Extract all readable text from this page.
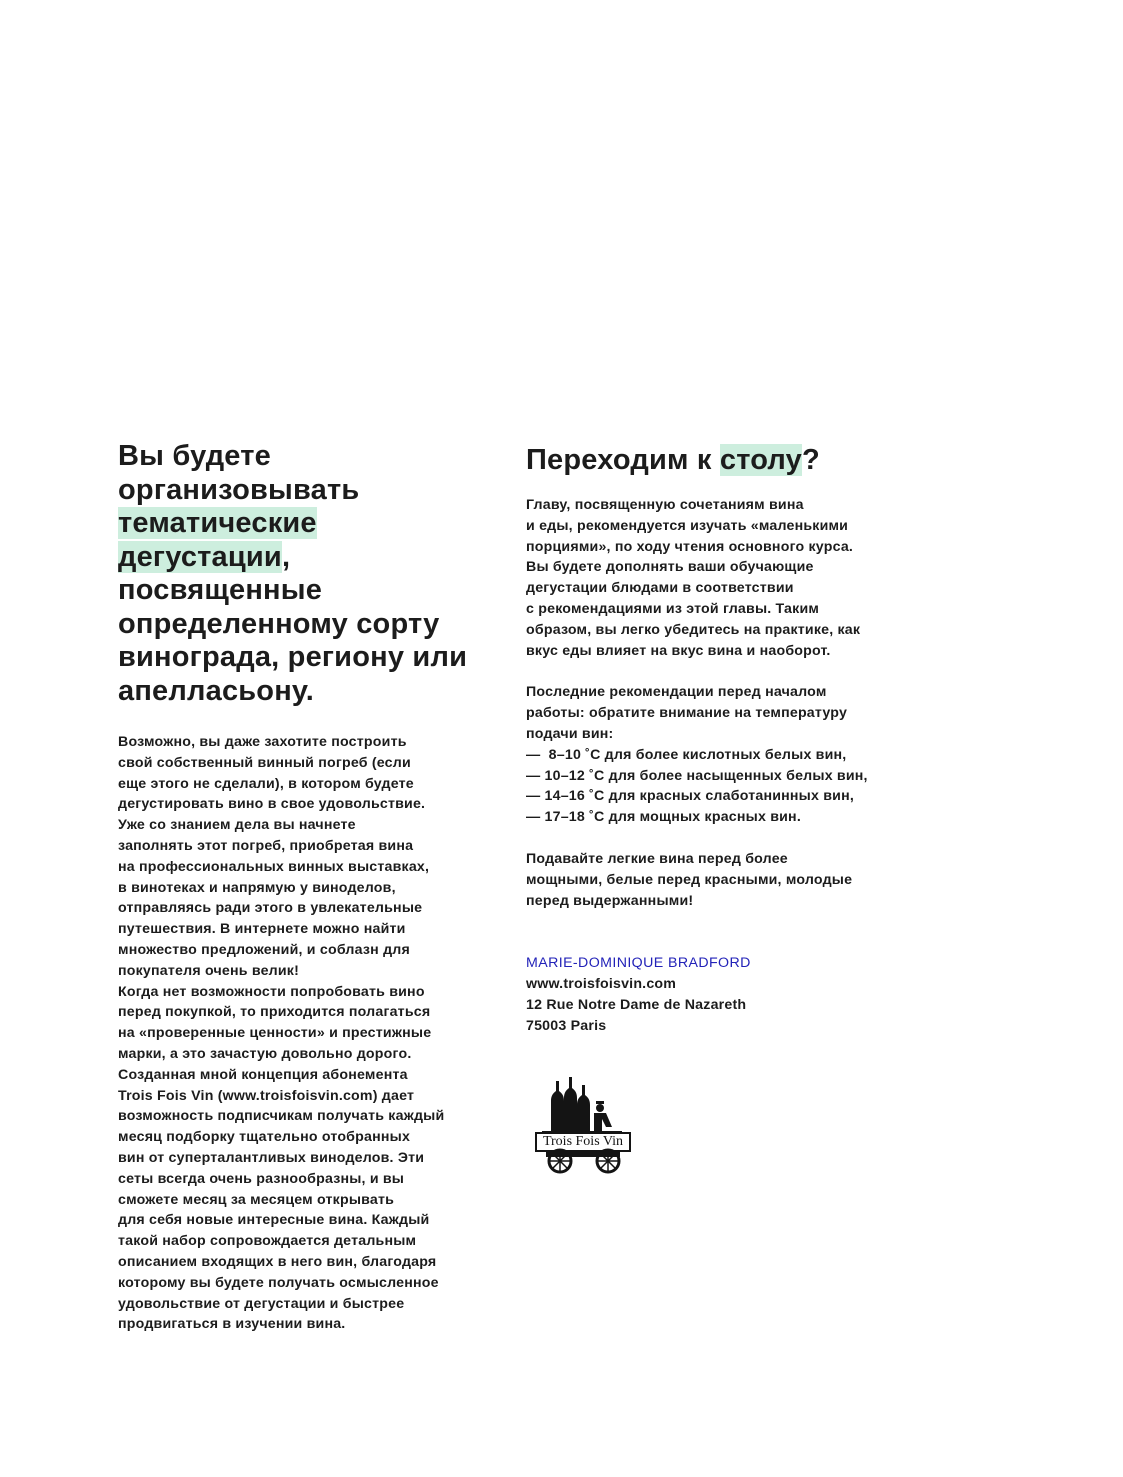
Вы будете
организовывать
тематические
дегустации,
посвященные
определенному сорту
винограда, региону или
апелласьону.
Возможно, вы даже захотите построить
свой собственный винный погреб (если
еще этого не сделали), в котором будете
дегустировать вино в свое удовольствие.
Уже со знанием дела вы начнете
заполнять этот погреб, приобретая вина
на профессиональных винных выставках,
в винотеках и напрямую у виноделов,
отправляясь ради этого в увлекательные
путешествия. В интернете можно найти
множество предложений, и соблазн для
покупателя очень велик!
Когда нет возможности попробовать вино
перед покупкой, то приходится полагаться
на «проверенные ценности» и престижные
марки, а это зачастую довольно дорого.
Созданная мной концепция абонемента
Trois Fois Vin (www.troisfoisvin.com) дает
возможность подписчикам получать каждый
месяц подборку тщательно отобранных
вин от суперталантливых виноделов. Эти
сеты всегда очень разнообразны, и вы
сможете месяц за месяцем открывать
для себя новые интересные вина. Каждый
такой набор сопровождается детальным
описанием входящих в него вин, благодаря
которому вы будете получать осмысленное
удовольствие от дегустации и быстрее
продвигаться в изучении вина.
Переходим к столу?
Главу, посвященную сочетаниям вина
и еды, рекомендуется изучать «маленькими
порциями», по ходу чтения основного курса.
Вы будете дополнять ваши обучающие
дегустации блюдами в соответствии
с рекомендациями из этой главы. Таким
образом, вы легко убедитесь на практике, как
вкус еды влияет на вкус вина и наоборот.
Последние рекомендации перед началом
работы: обратите внимание на температуру
подачи вин:
—  8–10 ˚С для более кислотных белых вин,
— 10–12 ˚С для более насыщенных белых вин,
— 14–16 ˚С для красных слаботанинных вин,
— 17–18 ˚С для мощных красных вин.
Подавайте легкие вина перед более
мощными, белые перед красными, молодые
перед выдержанными!
MARIE-DOMINIQUE BRADFORD
www.troisfoisvin.com
12 Rue Notre Dame de Nazareth
75003 Paris
Trois Fois Vin
